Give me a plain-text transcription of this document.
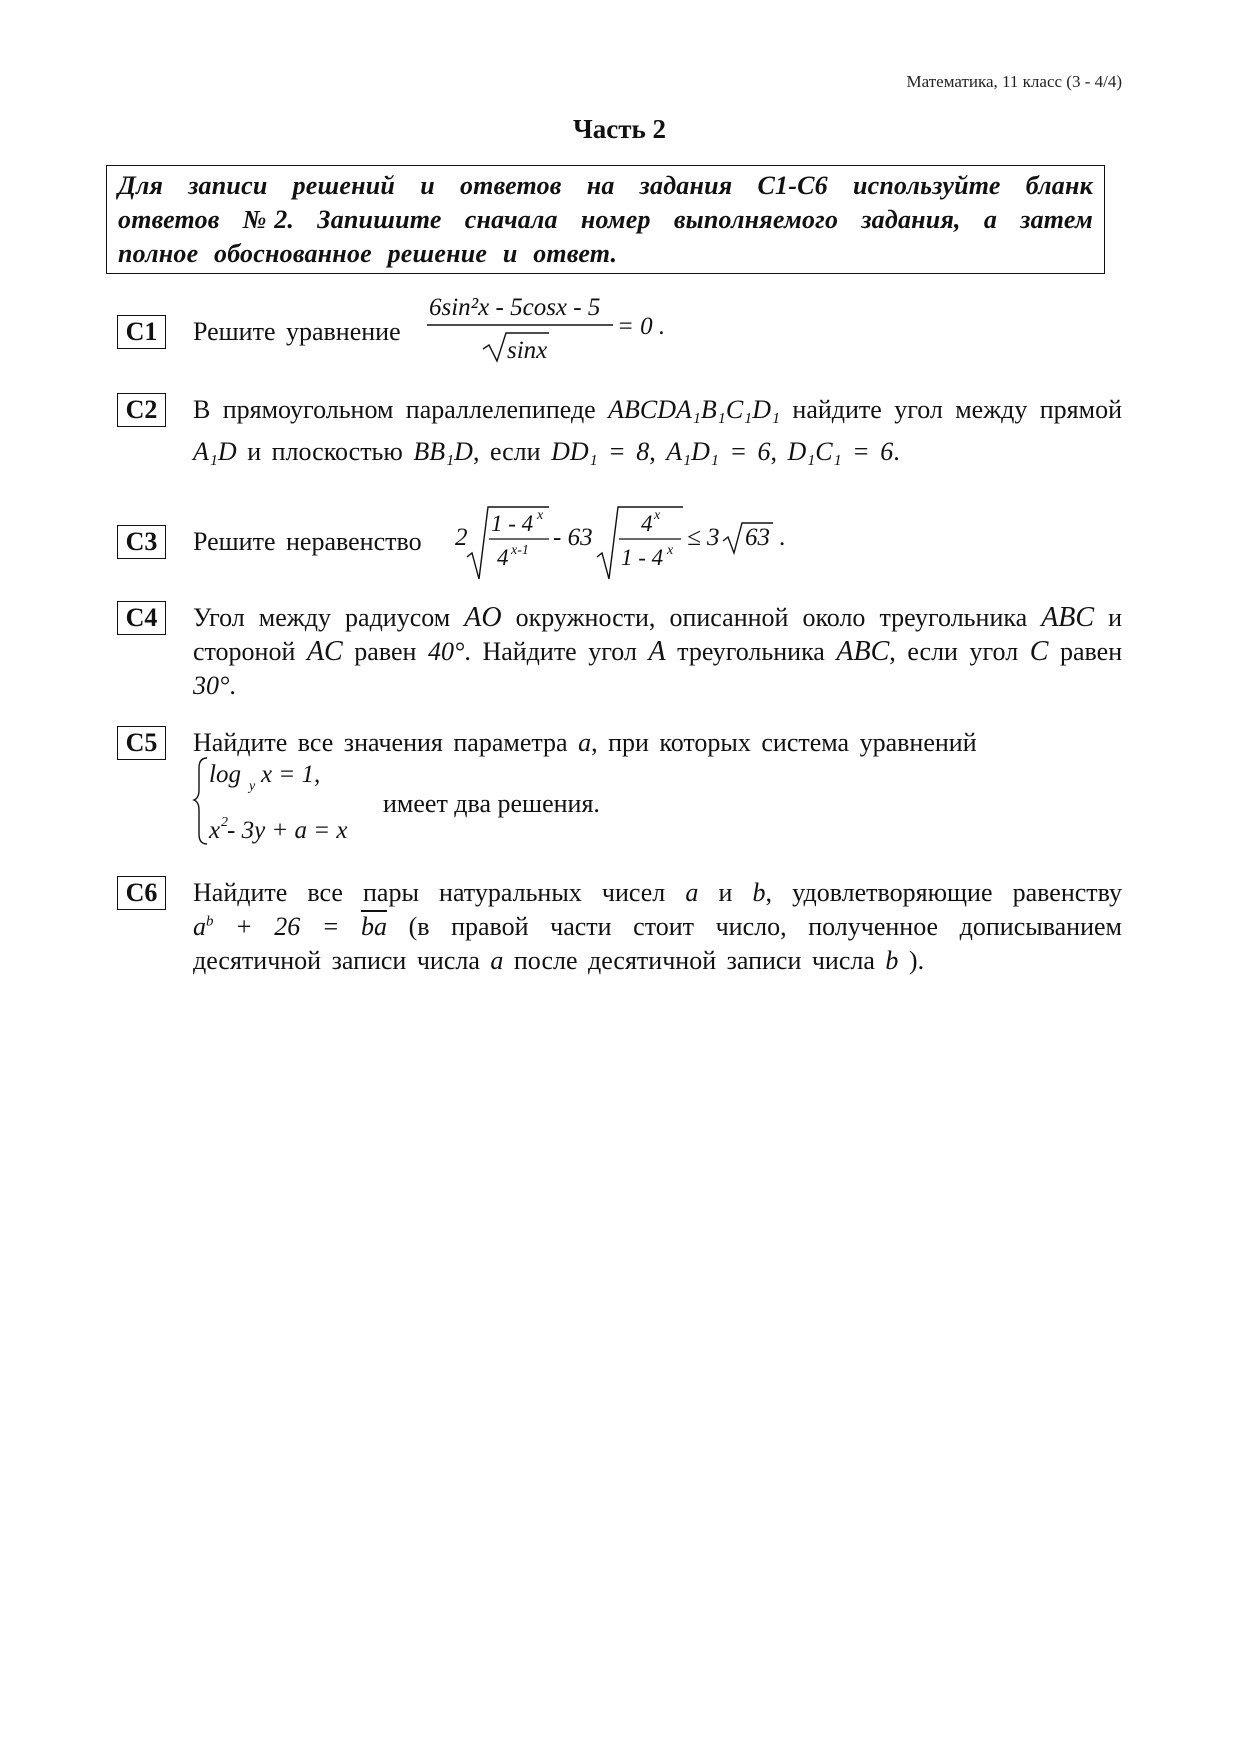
Математика, 11 класс (3 - 4/4)
Часть 2
Для записи решений и ответов на задания С1-С6 используйте бланк ответов №2. Запишите сначала номер выполняемого задания, а затем полное обоснованное решение и ответ.
С1	Решите уравнение
6sin²x - 5cosx - 5
sinx
= 0 .
С2	В прямоугольном параллелепипеде ABCDA₁B₁C₁D₁ найдите угол между прямой A₁D и плоскостью BB₁D, если DD₁ = 8, A₁D₁ = 6, D₁C₁ = 6.
С3	Решите неравенство	2
1 - 4 x
4 x-1 - 63
4 x
1 - 4 x ≤ 3 63 .
С4	Угол между радиусом AO окружности, описанной около треугольника ABC и стороной AC равен 40°. Найдите угол A треугольника ABC, если угол C равен 30°.
С5	Найдите все значения параметра a, при которых система уравнений
log y x = 1,
x 2 - 3y + a = x
имеет два решения.
С6	Найдите все пары натуральных чисел a и b, удовлетворяющие равенству $a^b + 26 = \overline{ba}$ (в правой части стоит число, полученное дописыванием десятичной записи числа a после десятичной записи числа b ).
